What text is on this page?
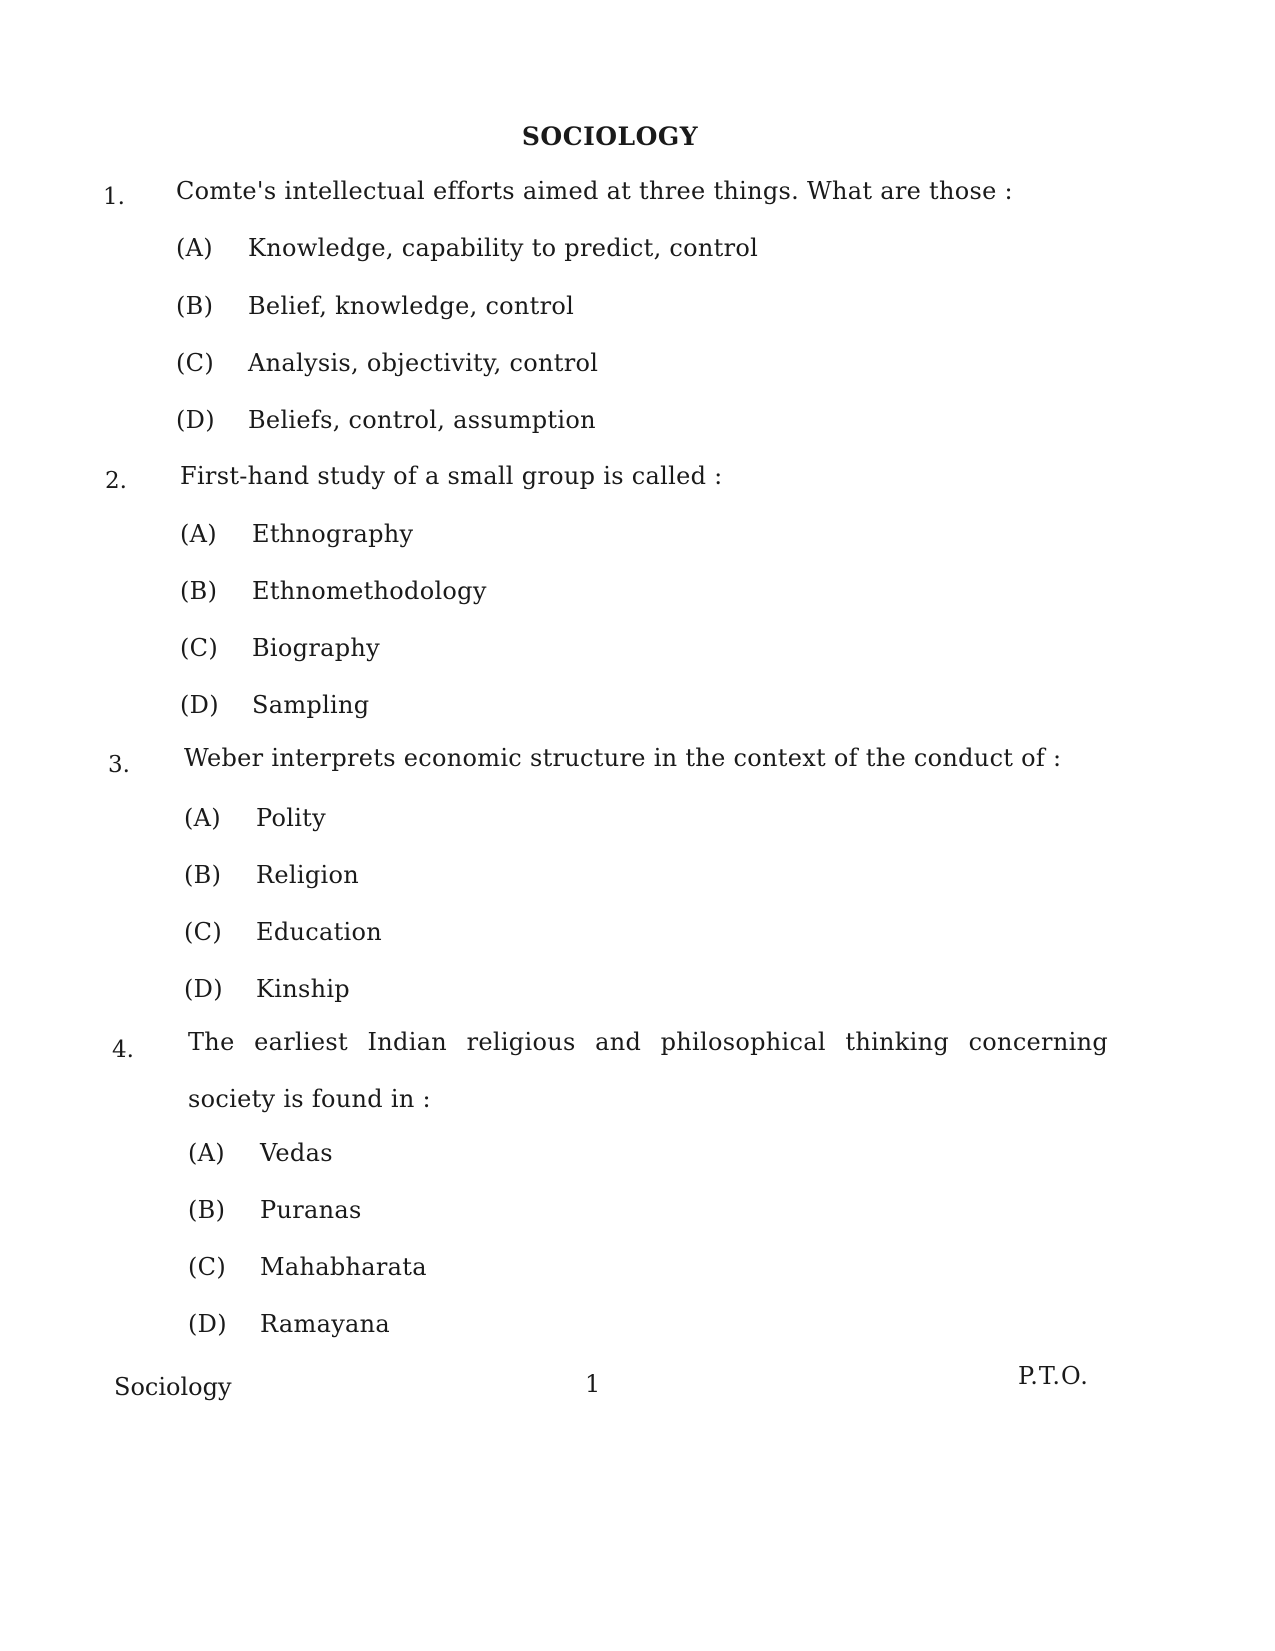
SOCIOLOGY
1. Comte's intellectual efforts aimed at three things. What are those :
(A) Knowledge, capability to predict, control
(B) Belief, knowledge, control
(C) Analysis, objectivity, control
(D) Beliefs, control, assumption
2. First-hand study of a small group is called :
(A) Ethnography
(B) Ethnomethodology
(C) Biography
(D) Sampling
3. Weber interprets economic structure in the context of the conduct of :
(A) Polity
(B) Religion
(C) Education
(D) Kinship
4. The earliest Indian religious and philosophical thinking concerning society is found in :
(A) Vedas
(B) Puranas
(C) Mahabharata
(D) Ramayana
Sociology	1	P.T.O.
